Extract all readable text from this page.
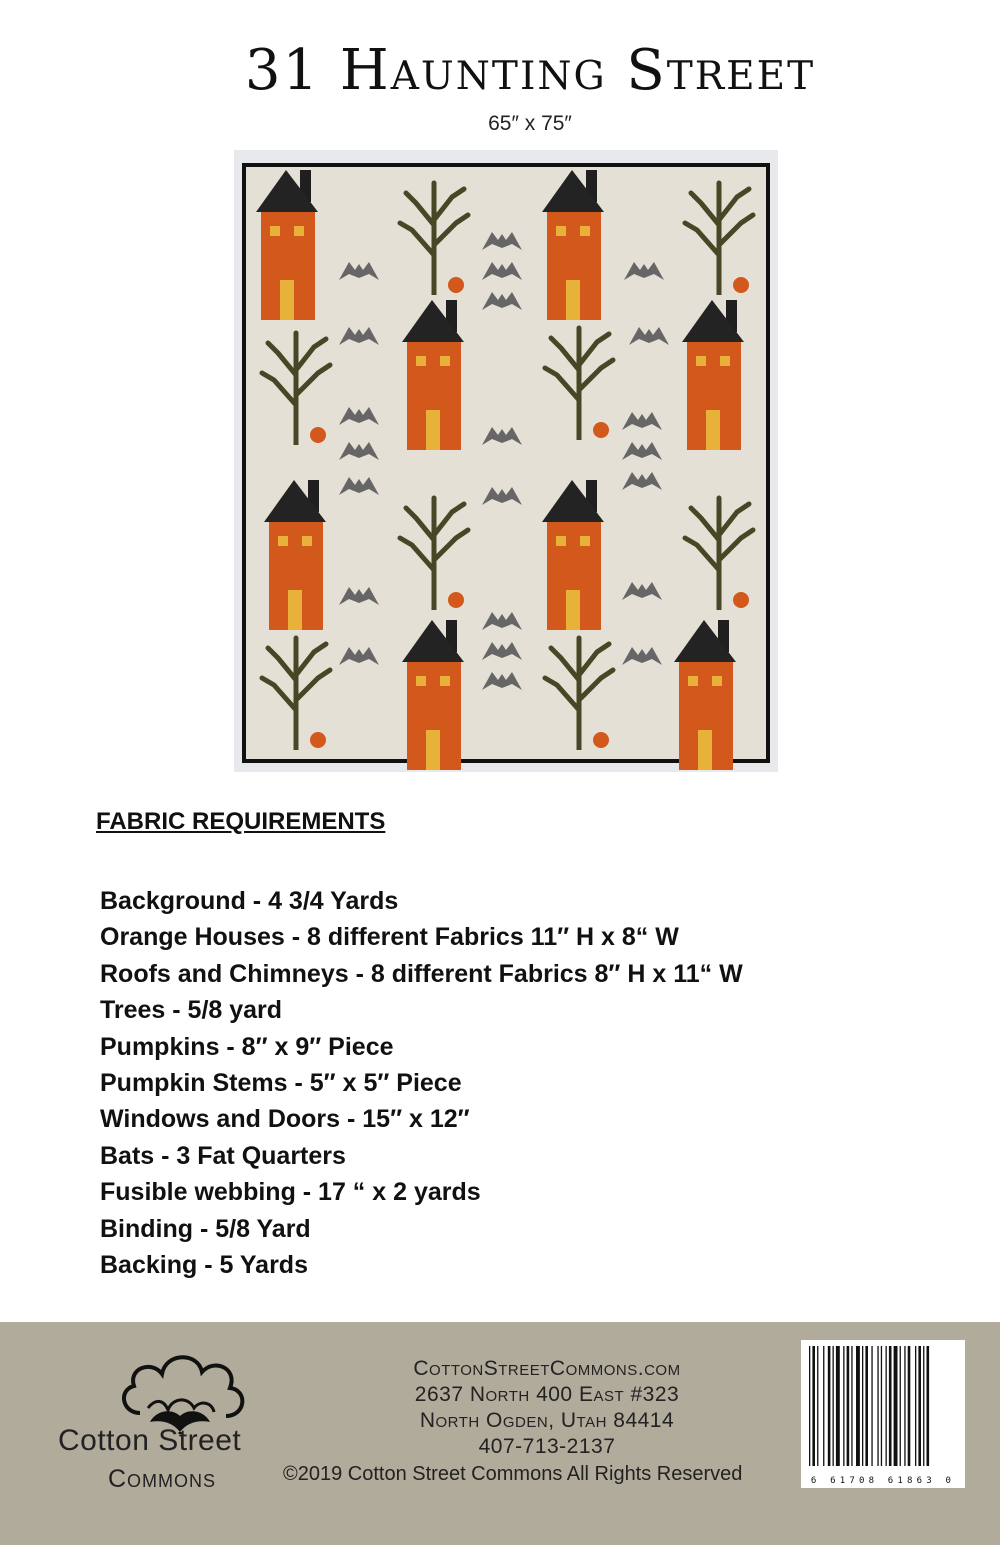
31 Haunting Street
65″ x 75″
FABRIC REQUIREMENTS
Background - 4 3/4 Yards
Orange Houses - 8 different Fabrics 11″ H x 8“ W
Roofs and Chimneys - 8 different Fabrics 8″ H x 11“ W
Trees - 5/8 yard
Pumpkins - 8″ x 9″ Piece
Pumpkin Stems - 5″ x 5″ Piece
Windows and Doors - 15″ x 12″
Bats - 3 Fat Quarters
Fusible webbing - 17 “ x 2 yards
Binding - 5/8 Yard
Backing - 5 Yards
Cotton Street
Commons
CottonStreetCommons.com
2637 North 400 East #323
North Ogden, Utah 84414
407-713-2137
©2019 Cotton Street Commons All Rights Reserved	6 61708 61863 0
